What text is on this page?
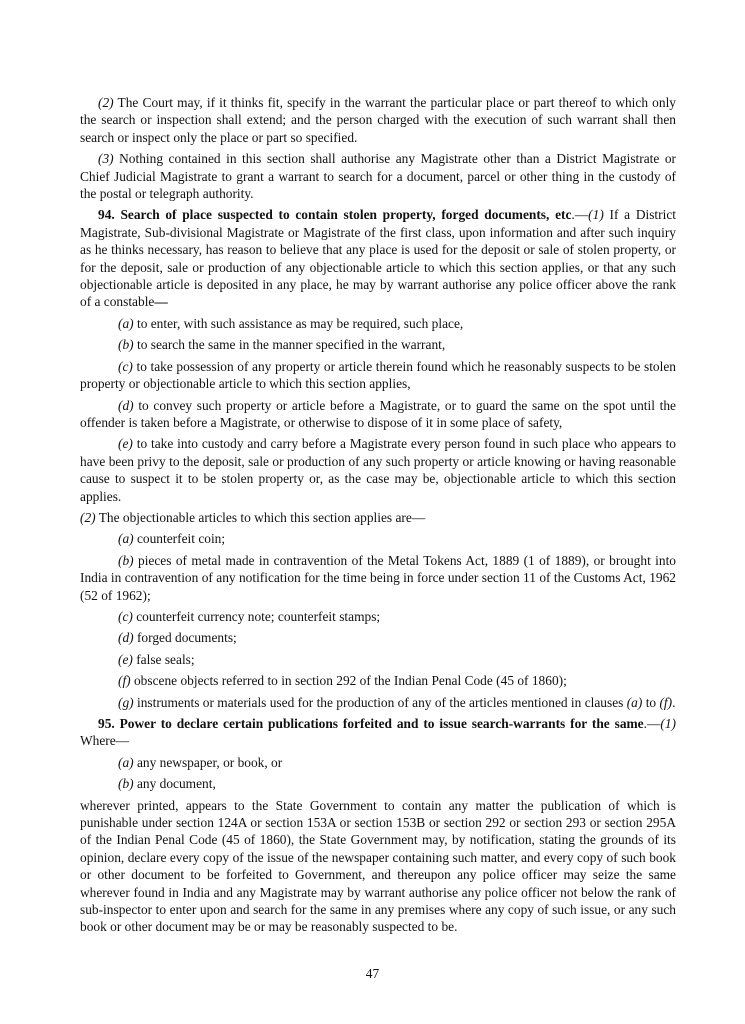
(2) The Court may, if it thinks fit, specify in the warrant the particular place or part thereof to which only the search or inspection shall extend; and the person charged with the execution of such warrant shall then search or inspect only the place or part so specified.

(3) Nothing contained in this section shall authorise any Magistrate other than a District Magistrate or Chief Judicial Magistrate to grant a warrant to search for a document, parcel or other thing in the custody of the postal or telegraph authority.

94. Search of place suspected to contain stolen property, forged documents, etc.—(1) If a District Magistrate, Sub-divisional Magistrate or Magistrate of the first class, upon information and after such inquiry as he thinks necessary, has reason to believe that any place is used for the deposit or sale of stolen property, or for the deposit, sale or production of any objectionable article to which this section applies, or that any such objectionable article is deposited in any place, he may by warrant authorise any police officer above the rank of a constable—

(a) to enter, with such assistance as may be required, such place,

(b) to search the same in the manner specified in the warrant,

(c) to take possession of any property or article therein found which he reasonably suspects to be stolen property or objectionable article to which this section applies,

(d) to convey such property or article before a Magistrate, or to guard the same on the spot until the offender is taken before a Magistrate, or otherwise to dispose of it in some place of safety,

(e) to take into custody and carry before a Magistrate every person found in such place who appears to have been privy to the deposit, sale or production of any such property or article knowing or having reasonable cause to suspect it to be stolen property or, as the case may be, objectionable article to which this section applies.

(2) The objectionable articles to which this section applies are—

(a) counterfeit coin;

(b) pieces of metal made in contravention of the Metal Tokens Act, 1889 (1 of 1889), or brought into India in contravention of any notification for the time being in force under section 11 of the Customs Act, 1962 (52 of 1962);

(c) counterfeit currency note; counterfeit stamps;

(d) forged documents;

(e) false seals;

(f) obscene objects referred to in section 292 of the Indian Penal Code (45 of 1860);

(g) instruments or materials used for the production of any of the articles mentioned in clauses (a) to (f).

95. Power to declare certain publications forfeited and to issue search-warrants for the same.—(1) Where—

(a) any newspaper, or book, or

(b) any document,

wherever printed, appears to the State Government to contain any matter the publication of which is punishable under section 124A or section 153A or section 153B or section 292 or section 293 or section 295A of the Indian Penal Code (45 of 1860), the State Government may, by notification, stating the grounds of its opinion, declare every copy of the issue of the newspaper containing such matter, and every copy of such book or other document to be forfeited to Government, and thereupon any police officer may seize the same wherever found in India and any Magistrate may by warrant authorise any police officer not below the rank of sub-inspector to enter upon and search for the same in any premises where any copy of such issue, or any such book or other document may be or may be reasonably suspected to be.

47
